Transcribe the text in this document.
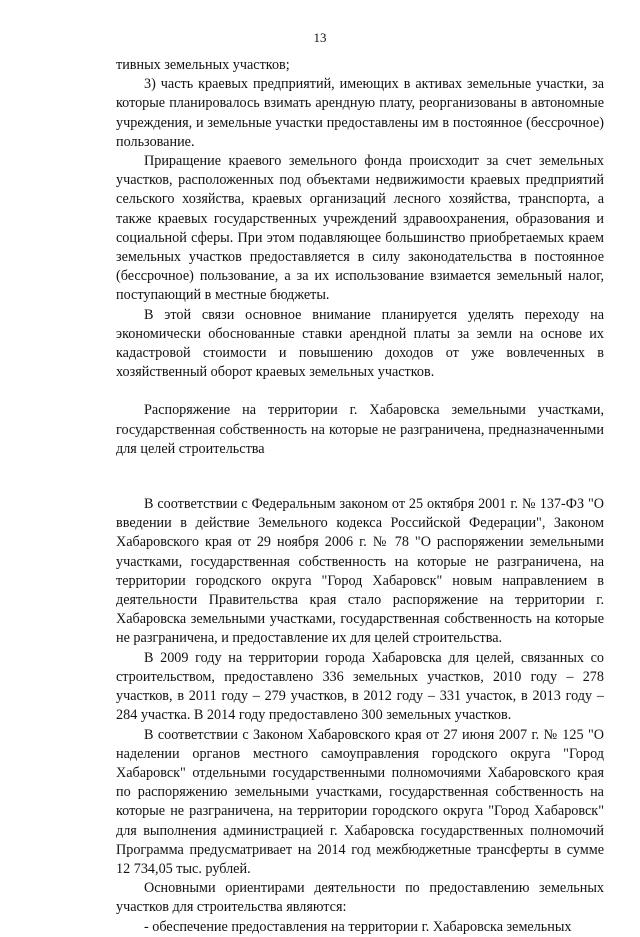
13

тивных земельных участков;

3) часть краевых предприятий, имеющих в активах земельные участки, за которые планировалось взимать арендную плату, реорганизованы в автономные учреждения, и земельные участки предоставлены им в постоянное (бессрочное) пользование.

Приращение краевого земельного фонда происходит за счет земельных участков, расположенных под объектами недвижимости краевых предприятий сельского хозяйства, краевых организаций лесного хозяйства, транспорта, а также краевых государственных учреждений здравоохранения, образования и социальной сферы. При этом подавляющее большинство приобретаемых краем земельных участков предоставляется в силу законодательства в постоянное (бессрочное) пользование, а за их использование взимается земельный налог, поступающий в местные бюджеты.

В этой связи основное внимание планируется уделять переходу на экономически обоснованные ставки арендной платы за земли на основе их кадастровой стоимости и повышению доходов от уже вовлеченных в хозяйственный оборот краевых земельных участков.

Распоряжение на территории г. Хабаровска земельными участками, государственная собственность на которые не разграничена, предназначенными для целей строительства

В соответствии с Федеральным законом от 25 октября 2001 г. № 137-ФЗ "О введении в действие Земельного кодекса Российской Федерации", Законом Хабаровского края от 29 ноября 2006 г. № 78 "О распоряжении земельными участками, государственная собственность на которые не разграничена, на территории городского округа "Город Хабаровск" новым направлением в деятельности Правительства края стало распоряжение на территории г. Хабаровска земельными участками, государственная собственность на которые не разграничена, и предоставление их для целей строительства.

В 2009 году на территории города Хабаровска для целей, связанных со строительством, предоставлено 336 земельных участков, 2010 году – 278 участков, в 2011 году – 279 участков, в 2012 году – 331 участок, в 2013 году – 284 участка. В 2014 году предоставлено 300 земельных участков.

В соответствии с Законом Хабаровского края от 27 июня 2007 г. № 125 "О наделении органов местного самоуправления городского округа "Город Хабаровск" отдельными государственными полномочиями Хабаровского края по распоряжению земельными участками, государственная собственность на которые не разграничена, на территории городского округа "Город Хабаровск" для выполнения администрацией г. Хабаровска государственных полномочий Программа предусматривает на 2014 год межбюджетные трансферты в сумме 12 734,05 тыс. рублей.

Основными ориентирами деятельности по предоставлению земельных участков для строительства являются:

- обеспечение предоставления на территории г. Хабаровска земельных
